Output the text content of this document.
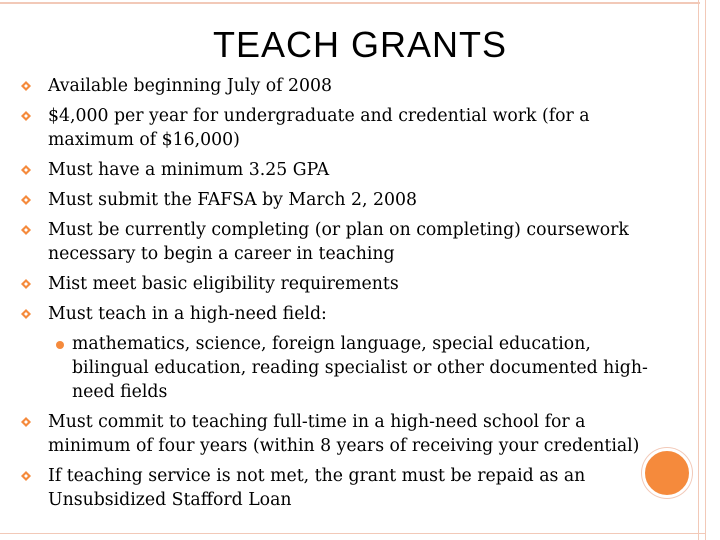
TEACH GRANTS
Available beginning July of 2008
$4,000 per year for undergraduate and credential work (for a maximum of $16,000)
Must have a minimum 3.25 GPA
Must submit the FAFSA by March 2, 2008
Must be currently completing (or plan on completing) coursework necessary to begin a career in teaching
Mist meet basic eligibility requirements
Must teach in a high-need field:
mathematics, science, foreign language, special education, bilingual education, reading specialist or other documented high-need fields
Must commit to teaching full-time in a high-need school for a minimum of four years (within 8 years of receiving your credential)
If teaching service is not met, the grant must be repaid as an Unsubsidized Stafford Loan
